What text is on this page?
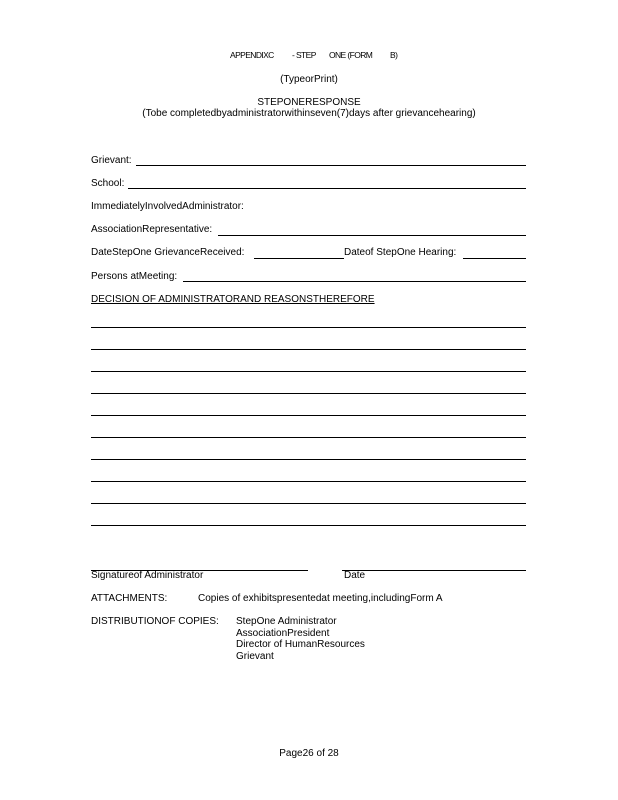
APPENDIXC - STEP ONE (FORM B)
(TypeorPrint)
STEPONERESPONSE
(Tobe completedbyadministratorwithinseven(7)days after grievancehearing)
Grievant:
School:
ImmediatelyInvolvedAdministrator:
AssociationRepresentative:
DateStepOne GrievanceReceived:	Dateof StepOne Hearing:
Persons atMeeting:
DECISION OF ADMINISTRATORAND REASONSTHEREFORE
Signatureof Administrator	Date
ATTACHMENTS:	Copies of exhibitspresentedat meeting,includingForm A
DISTRIBUTIONOF COPIES: StepOne Administrator
AssociationPresident
Director of HumanResources
Grievant
Page26 of 28
